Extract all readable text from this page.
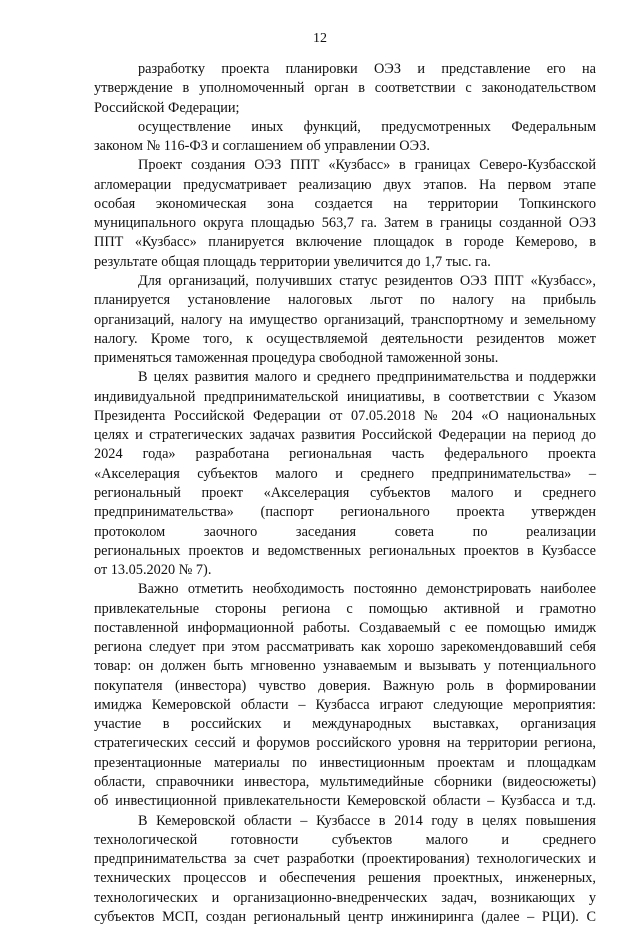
12
разработку проекта планировки ОЭЗ и представление его на
утверждение в уполномоченный орган в соответствии с законодательством
Российской Федерации;
осуществление иных функций, предусмотренных Федеральным
законом № 116-ФЗ и соглашением об управлении ОЭЗ.
Проект создания ОЭЗ ППТ «Кузбасс» в границах Северо-Кузбасской
агломерации предусматривает реализацию двух этапов. На первом этапе
особая экономическая зона создается на территории Топкинского
муниципального округа площадью 563,7 га. Затем в границы созданной ОЭЗ
ППТ «Кузбасс» планируется включение площадок в городе Кемерово, в
результате общая площадь территории увеличится до 1,7 тыс. га.
Для организаций, получивших статус резидентов ОЭЗ ППТ «Кузбасс»,
планируется установление налоговых льгот по налогу на прибыль
организаций, налогу на имущество организаций, транспортному и земельному
налогу. Кроме того, к осуществляемой деятельности резидентов может
применяться таможенная процедура свободной таможенной зоны.
В целях развития малого и среднего предпринимательства и поддержки
индивидуальной предпринимательской инициативы, в соответствии с Указом
Президента Российской Федерации от 07.05.2018 № 204 «О национальных
целях и стратегических задачах развития Российской Федерации на период до
2024 года» разработана региональная часть федерального проекта
«Акселерация субъектов малого и среднего предпринимательства» –
региональный проект «Акселерация субъектов малого и среднего
предпринимательства» (паспорт регионального проекта утвержден
протоколом заочного заседания совета по реализации
региональных проектов и ведомственных региональных проектов в Кузбассе
от 13.05.2020 № 7).
Важно отметить необходимость постоянно демонстрировать наиболее
привлекательные стороны региона с помощью активной и грамотно
поставленной информационной работы. Создаваемый с ее помощью имидж
региона следует при этом рассматривать как хорошо зарекомендовавший себя
товар: он должен быть мгновенно узнаваемым и вызывать у потенциального
покупателя (инвестора) чувство доверия. Важную роль в формировании
имиджа Кемеровской области – Кузбасса играют следующие мероприятия:
участие в российских и международных выставках, организация
стратегических сессий и форумов российского уровня на территории региона,
презентационные материалы по инвестиционным проектам и площадкам
области, справочники инвестора, мультимедийные сборники (видеосюжеты)
об инвестиционной привлекательности Кемеровской области – Кузбасса и т.д.
В Кемеровской области – Кузбассе в 2014 году в целях повышения
технологической готовности субъектов малого и среднего
предпринимательства за счет разработки (проектирования) технологических и
технических процессов и обеспечения решения проектных, инженерных,
технологических и организационно-внедренческих задач, возникающих у
субъектов МСП, создан региональный центр инжиниринга (далее – РЦИ). С
